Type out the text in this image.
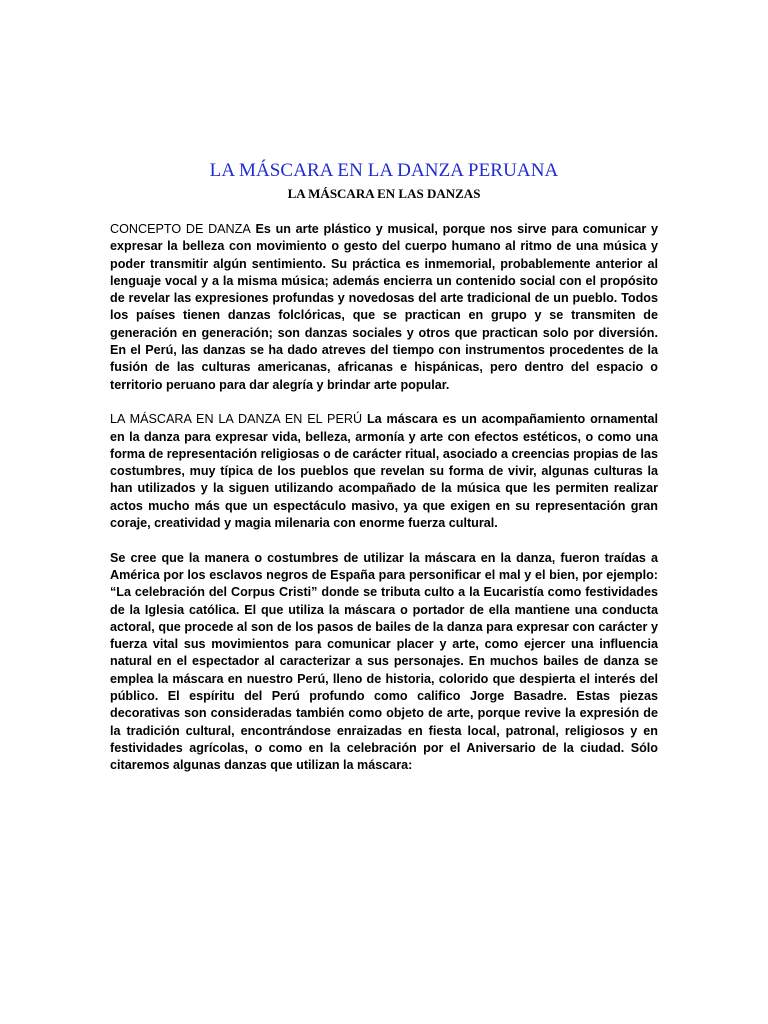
LA MÁSCARA EN LA DANZA PERUANA
LA MÁSCARA EN LAS DANZAS

CONCEPTO DE DANZA Es un arte plástico y musical, porque nos sirve para comunicar y expresar la belleza con movimiento o gesto del cuerpo humano al ritmo de una música y poder transmitir algún sentimiento. Su práctica es inmemorial, probablemente anterior al lenguaje vocal y a la misma música; además encierra un contenido social con el propósito de revelar las expresiones profundas y novedosas del arte tradicional de un pueblo. Todos los países tienen danzas folclóricas, que se practican en grupo y se transmiten de generación en generación; son danzas sociales y otros que practican solo por diversión. En el Perú, las danzas se ha dado atreves del tiempo con instrumentos procedentes de la fusión de las culturas americanas, africanas e hispánicas, pero dentro del espacio o territorio peruano para dar alegría y brindar arte popular.

LA MÁSCARA EN LA DANZA EN EL PERÚ La máscara es un acompañamiento ornamental en la danza para expresar vida, belleza, armonía y arte con efectos estéticos, o como una forma de representación religiosas o de carácter ritual, asociado a creencias propias de las costumbres, muy típica de los pueblos que revelan su forma de vivir, algunas culturas la han utilizados y la siguen utilizando acompañado de la música que les permiten realizar actos mucho más que un espectáculo masivo, ya que exigen en su representación gran coraje, creatividad y magia milenaria con enorme fuerza cultural.

Se cree que la manera o costumbres de utilizar la máscara en la danza, fueron traídas a América por los esclavos negros de España para personificar el mal y el bien, por ejemplo: “La celebración del Corpus Cristi” donde se tributa culto a la Eucaristía como festividades de la Iglesia católica. El que utiliza la máscara o portador de ella mantiene una conducta actoral, que procede al son de los pasos de bailes de la danza para expresar con carácter y fuerza vital sus movimientos para comunicar placer y arte, como ejercer una influencia natural en el espectador al caracterizar a sus personajes. En muchos bailes de danza se emplea la máscara en nuestro Perú, lleno de historia, colorido que despierta el interés del público. El espíritu del Perú profundo como califico Jorge Basadre. Estas piezas decorativas son consideradas también como objeto de arte, porque revive la expresión de la tradición cultural, encontrándose enraizadas en fiesta local, patronal, religiosos y en festividades agrícolas, o como en la celebración por el Aniversario de la ciudad. Sólo citaremos algunas danzas que utilizan la máscara:
